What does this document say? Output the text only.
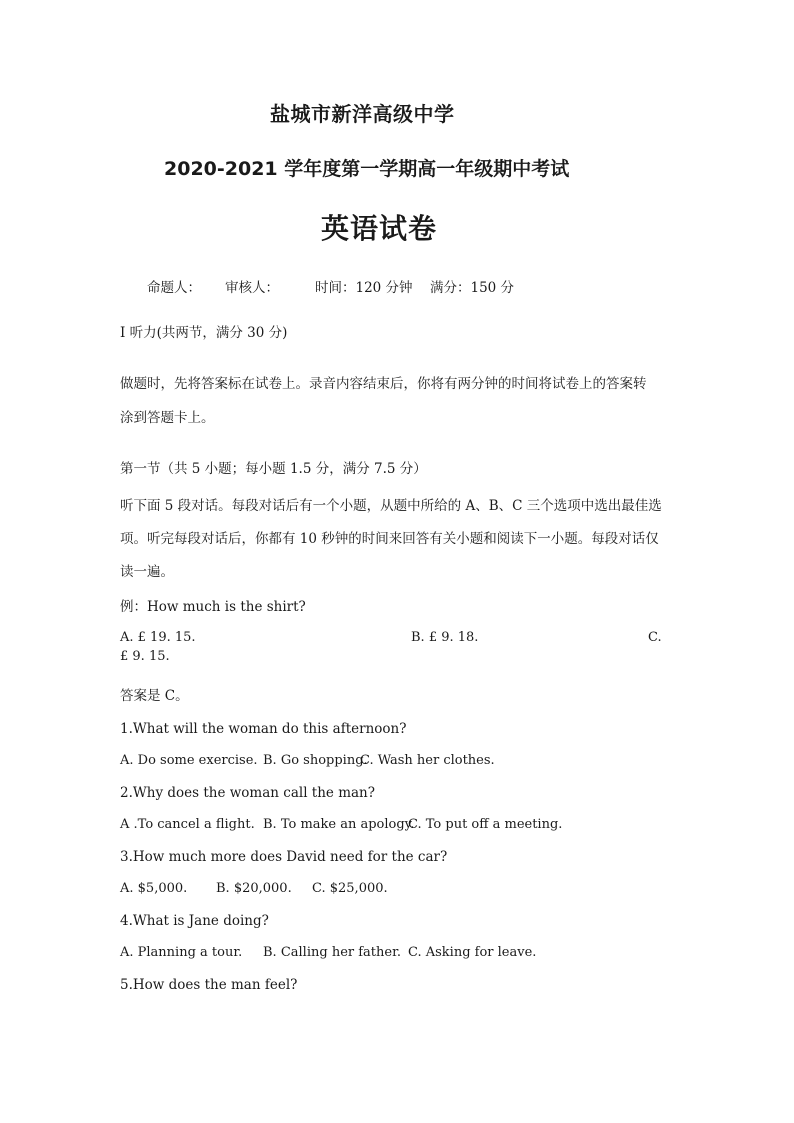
盐城市新洋高级中学
2020-2021 学年度第一学期高一年级期中考试
英语试卷
命题人： 审核人：	时间：120 分钟 满分：150 分
I 听力(共两节，满分 30 分)
做题时，先将答案标在试卷上。录音内容结束后，你将有两分钟的时间将试卷上的答案转
涂到答题卡上。
第一节（共 5 小题；每小题 1.5 分，满分 7.5 分）
听下面 5 段对话。每段对话后有一个小题，从题中所给的 A、B、C 三个选项中选出最佳选项。听完每段对话后，你都有 10 秒钟的时间来回答有关小题和阅读下一小题。每段对话仅读一遍。
例：How much is the shirt?
A. £ 19. 15.	B. £ 9. 18.	C.
£ 9. 15.
答案是 C。
1.What will the woman do this afternoon?
A. Do some exercise. B. Go shopping.C. Wash her clothes.
2.Why does the woman call the man?
A .To cancel a flight. B. To make an apology.C. To put off a meeting.
3.How much more does David need for the car?
A. $5,000. B. $20,000. C. $25,000.
4.What is Jane doing?
A. Planning a tour. B. Calling her father. C. Asking for leave.
5.How does the man feel?
